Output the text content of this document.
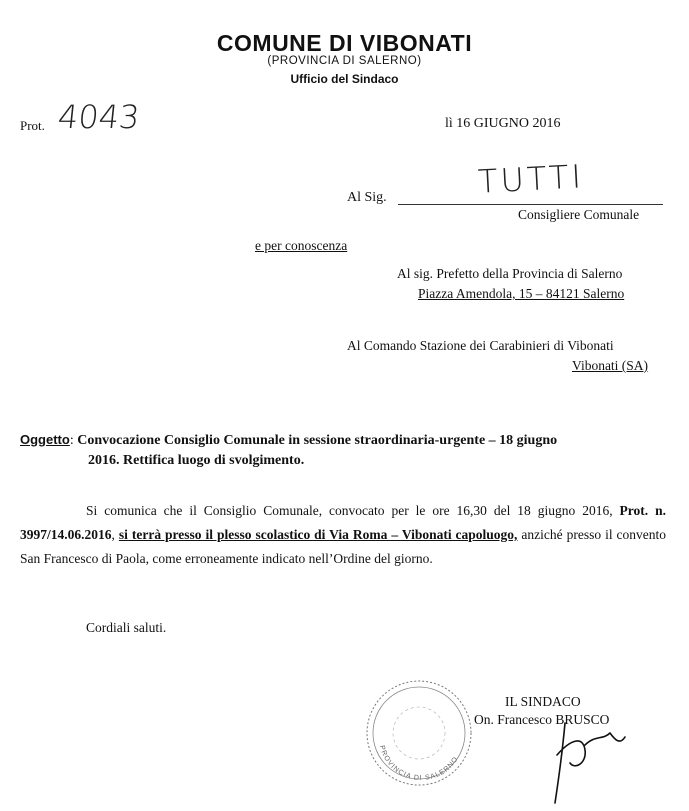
COMUNE DI VIBONATI
(PROVINCIA DI SALERNO)
Ufficio del Sindaco
Prot. 4043	lì 16 GIUGNO 2016
Al Sig.	TUTTI
Consigliere Comunale
e per conoscenza
Al sig. Prefetto della Provincia di Salerno
Piazza Amendola, 15 – 84121 Salerno
Al Comando Stazione dei Carabinieri di Vibonati
Vibonati (SA)
Oggetto: Convocazione Consiglio Comunale in sessione straordinaria-urgente – 18 giugno
2016. Rettifica luogo di svolgimento.
Si comunica che il Consiglio Comunale, convocato per le ore 16,30 del 18 giugno 2016, Prot. n. 3997/14.06.2016, si terrà presso il plesso scolastico di Via Roma – Vibonati capoluogo, anziché presso il convento San Francesco di Paola, come erroneamente indicato nell’Ordine del giorno.
Cordiali saluti.
PROVINCIA DI SALERNO
IL SINDACO
On. Francesco BRUSCO
